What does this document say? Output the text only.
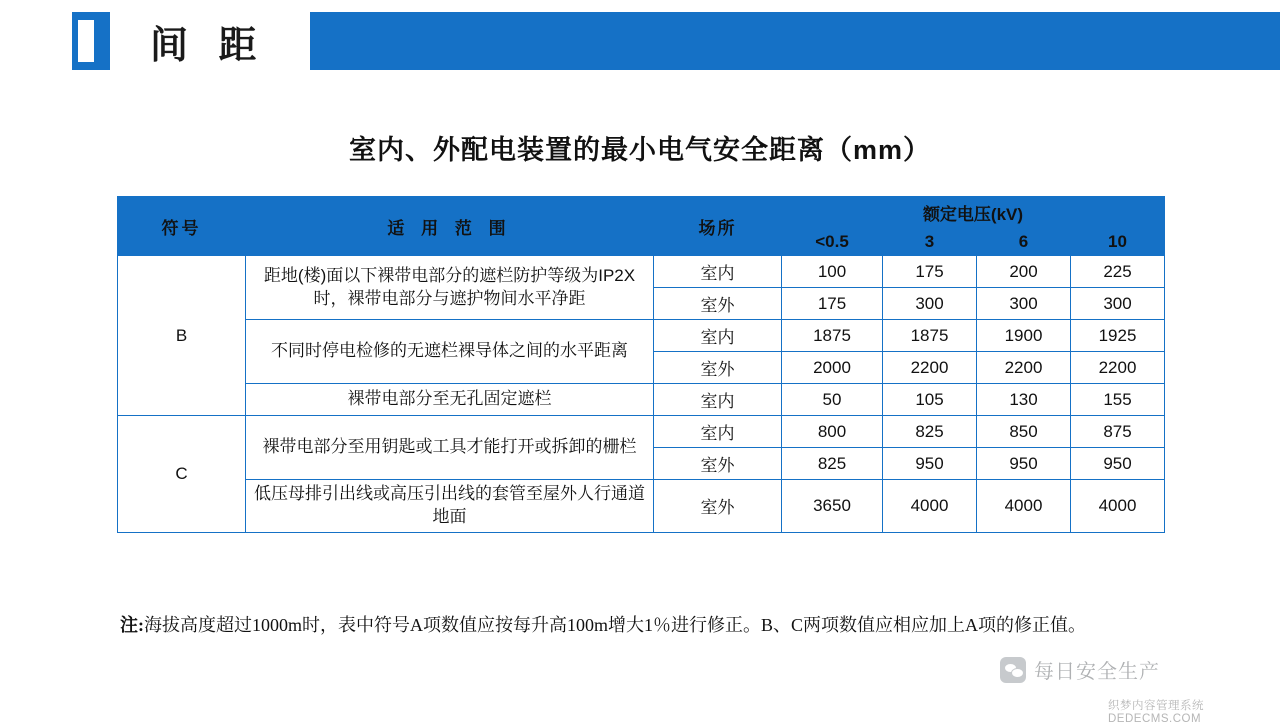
间 距
室内、外配电装置的最小电气安全距离（mm）
符号	适 用 范 围	场所	额定电压(kV)			
			<0.5	3	6	10
B	距地(楼)面以下裸带电部分的遮栏防护等级为IP2X时，裸带电部分与遮护物间水平净距	室内	100	175	200	225
		室外	175	300	300	300
	不同时停电检修的无遮栏裸导体之间的水平距离	室内	1875	1875	1900	1925
		室外	2000	2200	2200	2200
	裸带电部分至无孔固定遮栏	室内	50	105	130	155
C	裸带电部分至用钥匙或工具才能打开或拆卸的栅栏	室内	800	825	850	875
		室外	825	950	950	950
	低压母排引出线或高压引出线的套管至屋外人行通道地面	室外	3650	4000	4000	4000
注:海拔高度超过1000m时，表中符号A项数值应按每升高100m增大1％进行修正。B、C两项数值应相应加上A项的修正值。
每日安全生产
织梦内容管理系统 DEDECMS.COM
